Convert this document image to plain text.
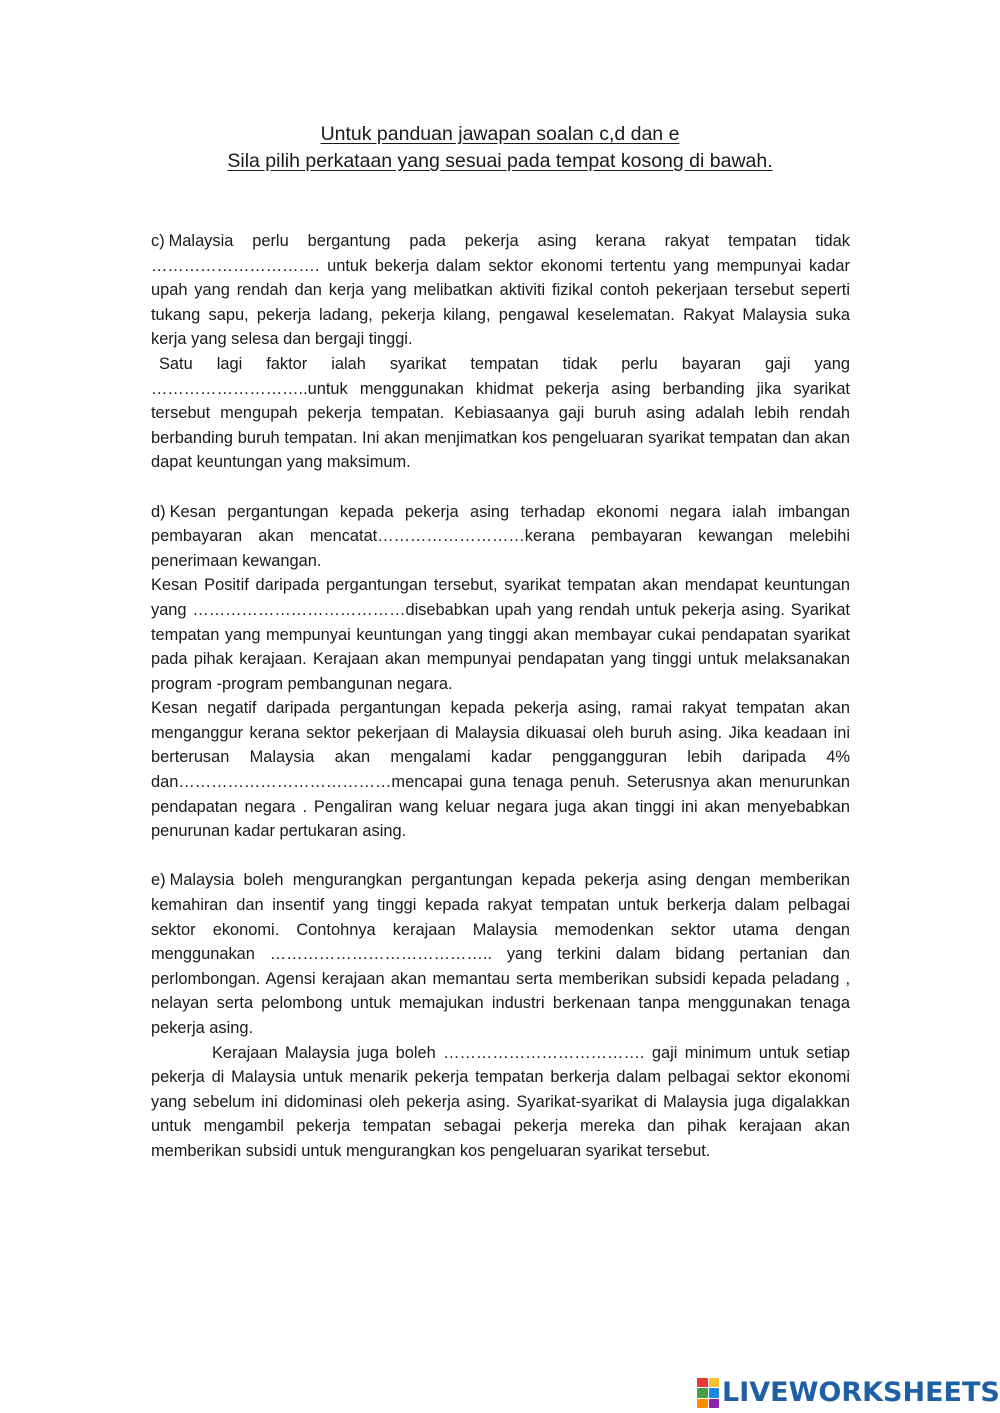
Untuk panduan jawapan soalan c,d dan e
Sila pilih perkataan yang sesuai pada tempat kosong di bawah.

c) Malaysia perlu bergantung pada pekerja asing kerana rakyat tempatan tidak …………………………. untuk bekerja dalam sektor ekonomi tertentu yang mempunyai kadar upah yang rendah dan kerja yang melibatkan aktiviti fizikal contoh pekerjaan tersebut seperti tukang sapu, pekerja ladang, pekerja kilang, pengawal keselematan. Rakyat Malaysia suka kerja yang selesa dan bergaji tinggi.

Satu lagi faktor ialah syarikat tempatan tidak perlu bayaran gaji yang ………………………..untuk menggunakan khidmat pekerja asing berbanding jika syarikat tersebut mengupah pekerja tempatan. Kebiasaanya gaji buruh asing adalah lebih rendah berbanding buruh tempatan. Ini akan menjimatkan kos pengeluaran syarikat tempatan dan akan dapat keuntungan yang maksimum.

d) Kesan pergantungan kepada pekerja asing terhadap ekonomi negara ialah imbangan pembayaran akan mencatat………………………kerana pembayaran kewangan melebihi penerimaan kewangan.

Kesan Positif daripada pergantungan tersebut, syarikat tempatan akan mendapat keuntungan yang …………………………………disebabkan upah yang rendah untuk pekerja asing. Syarikat tempatan yang mempunyai keuntungan yang tinggi akan membayar cukai pendapatan syarikat pada pihak kerajaan. Kerajaan akan mempunyai pendapatan yang tinggi untuk melaksanakan program -program pembangunan negara.

Kesan negatif daripada pergantungan kepada pekerja asing, ramai rakyat tempatan akan menganggur kerana sektor pekerjaan di Malaysia dikuasai oleh buruh asing. Jika keadaan ini berterusan Malaysia akan mengalami kadar penggangguran lebih daripada 4% dan…………………………………mencapai guna tenaga penuh. Seterusnya akan menurunkan pendapatan negara . Pengaliran wang keluar negara juga akan tinggi ini akan menyebabkan penurunan kadar pertukaran asing.

e) Malaysia boleh mengurangkan pergantungan kepada pekerja asing dengan memberikan kemahiran dan insentif yang tinggi kepada rakyat tempatan untuk berkerja dalam pelbagai sektor ekonomi. Contohnya kerajaan Malaysia memodenkan sektor utama dengan menggunakan ………………………………….. yang terkini dalam bidang pertanian dan perlombongan. Agensi kerajaan akan memantau serta memberikan subsidi kepada peladang , nelayan serta pelombong untuk memajukan industri berkenaan tanpa menggunakan tenaga pekerja asing.

Kerajaan Malaysia juga boleh ………………………………. gaji minimum untuk setiap pekerja di Malaysia untuk menarik pekerja tempatan berkerja dalam pelbagai sektor ekonomi yang sebelum ini didominasi oleh pekerja asing. Syarikat-syarikat di Malaysia juga digalakkan untuk mengambil pekerja tempatan sebagai pekerja mereka dan pihak kerajaan akan memberikan subsidi untuk mengurangkan kos pengeluaran syarikat tersebut.

LIVEWORKSHEETS
